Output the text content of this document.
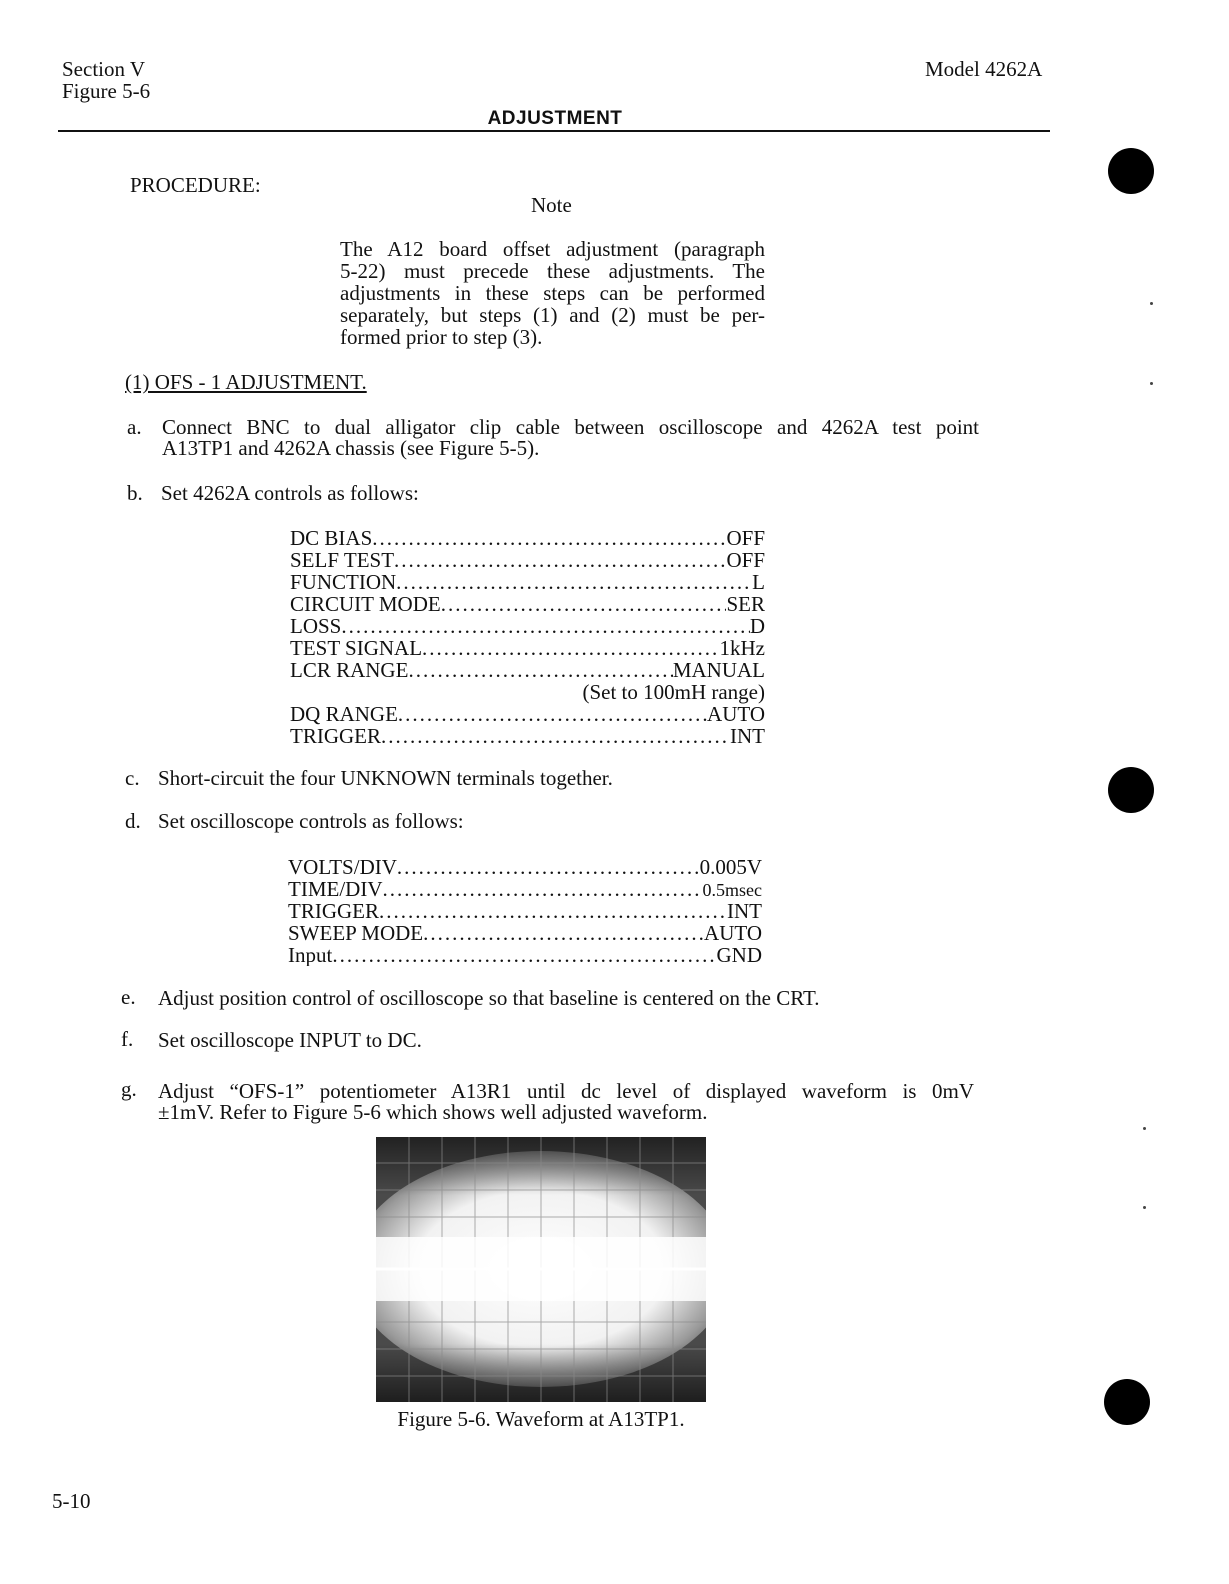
Section V
Figure 5-6
Model 4262A
ADJUSTMENT
PROCEDURE:
Note

The A12 board offset adjustment (paragraph

5-22) must precede these adjustments. The

adjustments in these steps can be performed

separately, but steps (1) and (2) must be per-

formed prior to step (3).

(1) OFS - 1 ADJUSTMENT.
a. Connect BNC to dual alligator clip cable between oscilloscope and 4262A test point
A13TP1 and 4262A chassis (see Figure 5-5).
b. Set 4262A controls as follows:
DC BIAS .....	OFF
SELF TEST .....	OFF
FUNCTION .....	L
CIRCUIT MODE .....	SER
LOSS .....	D
TEST SIGNAL .....	1kHz
LCR RANGE .....	MANUAL
(Set to 100mH range)
DQ RANGE .....	AUTO
TRIGGER .....	INT
c. Short-circuit the four UNKNOWN terminals together.
d. Set oscilloscope controls as follows:
VOLTS/DIV .....	0.005V
TIME/DIV .....	0.5msec
TRIGGER .....	INT
SWEEP MODE .....	AUTO
Input .....	GND
e. Adjust position control of oscilloscope so that baseline is centered on the CRT.
f.	Set oscilloscope INPUT to DC.
g. Adjust “OFS-1” potentiometer A13R1 until dc level of displayed waveform is 0mV
±1mV. Refer to Figure 5-6 which shows well adjusted waveform.
Figure 5-6. Waveform at A13TP1.
5-10
